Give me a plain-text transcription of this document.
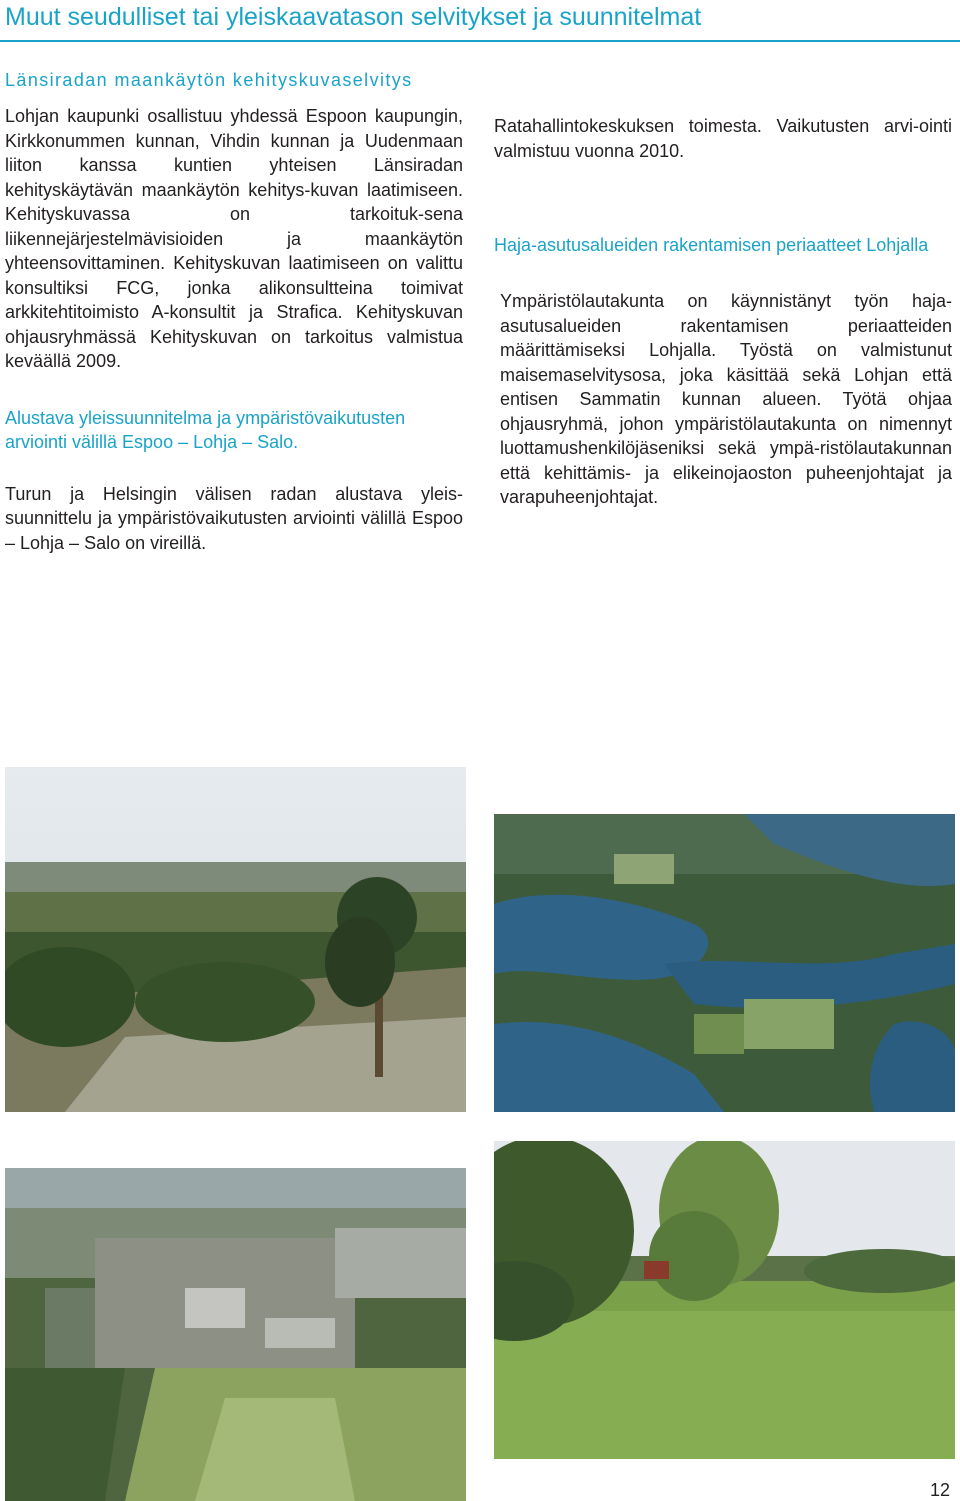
Muut seudulliset tai yleiskaavatason selvitykset ja suunnitelmat

Länsiradan maankäytön kehityskuvaselvitys

Lohjan kaupunki osallistuu yhdessä Espoon kaupungin, Kirkkonummen kunnan, Vihdin kunnan ja Uudenmaan liiton kanssa kuntien yhteisen Länsiradan kehityskäytävän maankäytön kehitys-kuvan laatimiseen. Kehityskuvassa on tarkoituk-sena liikennejärjestelmävisioiden ja maankäytön yhteensovittaminen. Kehityskuvan laatimiseen on valittu konsultiksi FCG, jonka alikonsultteina toimivat arkkitehtitoimisto A-konsultit ja Strafica. Kehityskuvan ohjausryhmässä Kehityskuvan on tarkoitus valmistua keväällä 2009.

Alustava yleissuunnitelma ja ympäristövaikutusten arviointi välillä Espoo – Lohja – Salo.

Turun ja Helsingin välisen radan alustava yleis-suunnittelu ja ympäristövaikutusten arviointi välillä Espoo – Lohja – Salo on vireillä.

Ratahallintokeskuksen toimesta. Vaikutusten arvi-ointi valmistuu vuonna 2010.

Haja-asutusalueiden rakentamisen periaatteet Lohjalla

Ympäristölautakunta on käynnistänyt työn haja-asutusalueiden rakentamisen periaatteiden määrittämiseksi Lohjalla. Työstä on valmistunut maisemaselvitysosa, joka käsittää sekä Lohjan että entisen Sammatin kunnan alueen. Työtä ohjaa ohjausryhmä, johon ympäristölautakunta on nimennyt luottamushenkilöjäseniksi sekä ympä-ristölautakunnan että kehittämis- ja elikeinojaoston puheenjohtajat ja varapuheenjohtajat.

12
